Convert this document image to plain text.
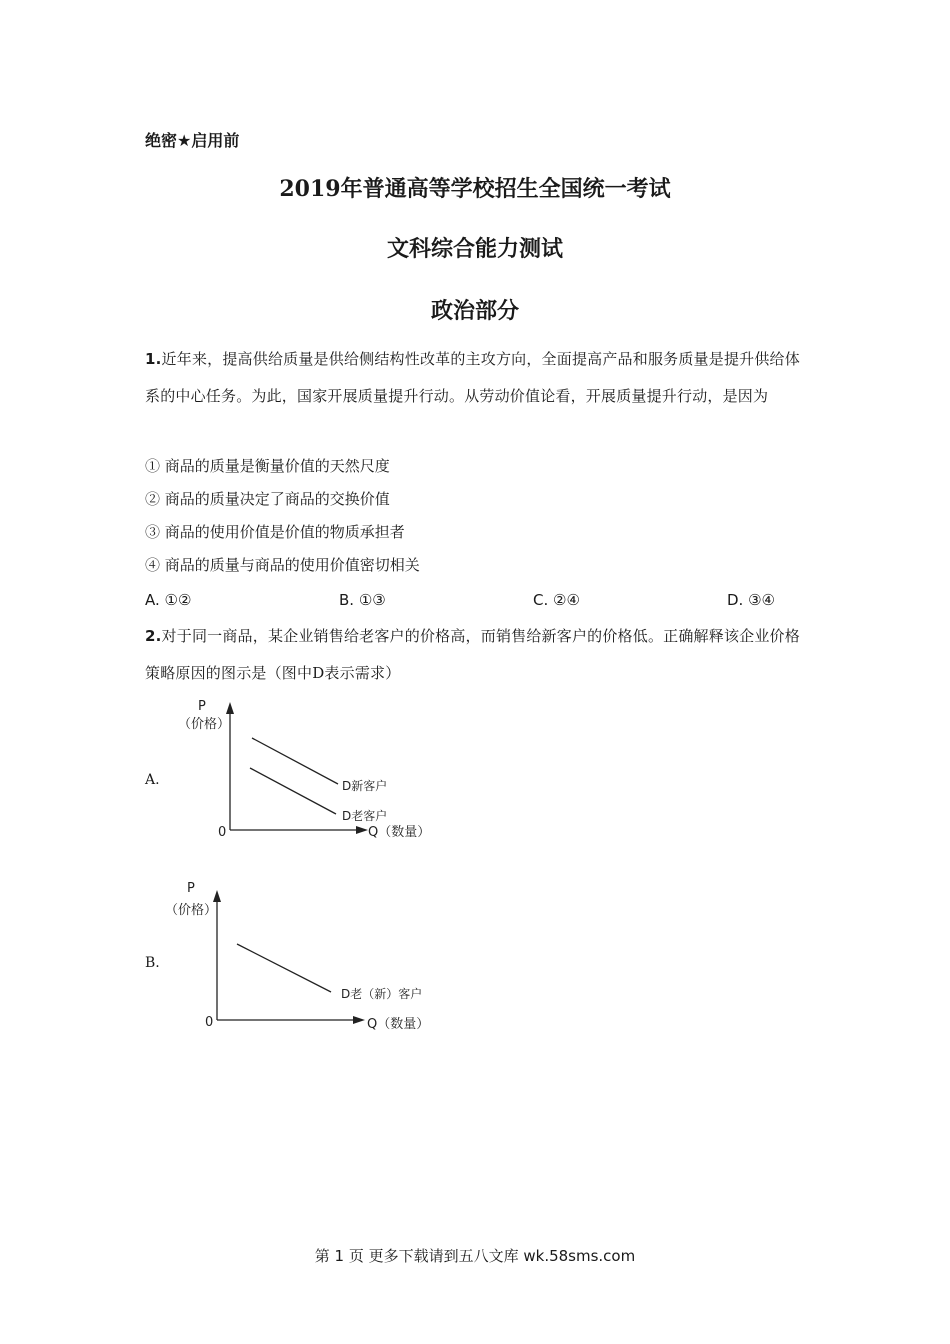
绝密★启用前
2019年普通高等学校招生全国统一考试
文科综合能力测试
政治部分
1.近年来，提高供给质量是供给侧结构性改革的主攻方向，全面提高产品和服务质量是提升供给体系的中心任务。为此，国家开展质量提升行动。从劳动价值论看，开展质量提升行动，是因为
① 商品的质量是衡量价值的天然尺度
② 商品的质量决定了商品的交换价值
③ 商品的使用价值是价值的物质承担者
④ 商品的质量与商品的使用价值密切相关
A. ①②	B. ①③	C. ②④	D. ③④
2.对于同一商品，某企业销售给老客户的价格高，而销售给新客户的价格低。正确解释该企业价格策略原因的图示是（图中D表示需求）
A.
P
（价格）
0	Q（数量）
D新客户
D老客户
B.
P
（价格）
0	Q（数量）
D老（新）客户
第 1 页 更多下载请到五八文库 wk.58sms.com
